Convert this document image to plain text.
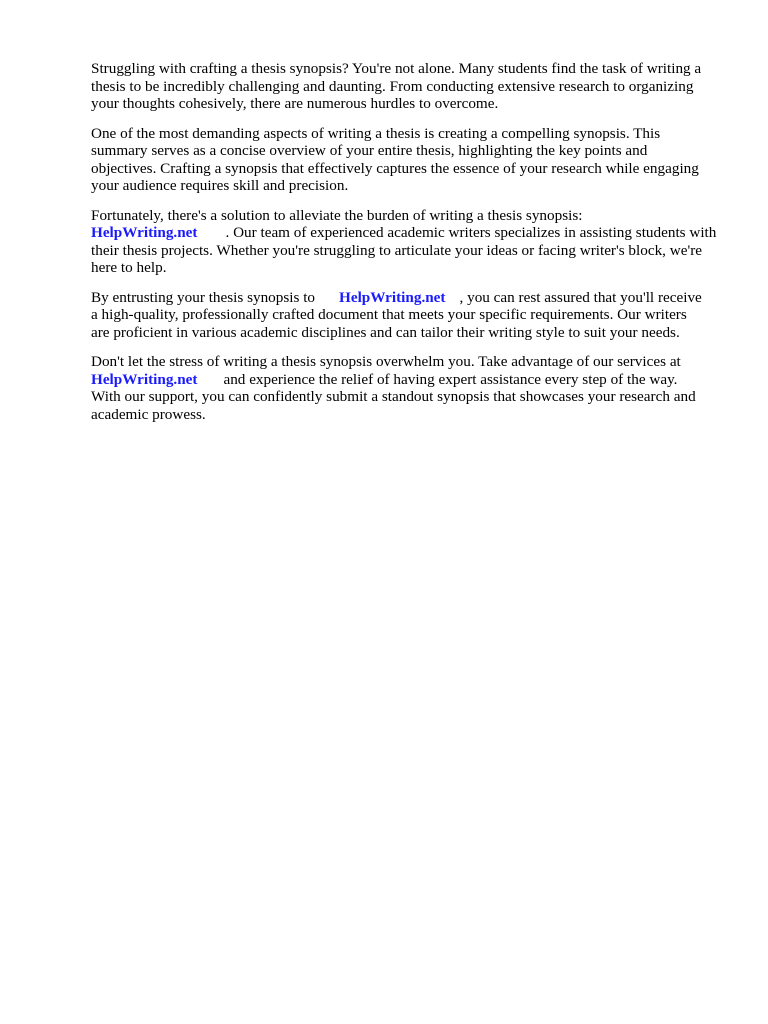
Struggling with crafting a thesis synopsis? You're not alone. Many students find the task of writing a
thesis to be incredibly challenging and daunting. From conducting extensive research to organizing
your thoughts cohesively, there are numerous hurdles to overcome.

One of the most demanding aspects of writing a thesis is creating a compelling synopsis. This
summary serves as a concise overview of your entire thesis, highlighting the key points and
objectives. Crafting a synopsis that effectively captures the essence of your research while engaging
your audience requires skill and precision.

Fortunately, there's a solution to alleviate the burden of writing a thesis synopsis:
HelpWriting.net . Our team of experienced academic writers specializes in assisting students with
their thesis projects. Whether you're struggling to articulate your ideas or facing writer's block, we're
here to help.

By entrusting your thesis synopsis to HelpWriting.net , you can rest assured that you'll receive
a high-quality, professionally crafted document that meets your specific requirements. Our writers
are proficient in various academic disciplines and can tailor their writing style to suit your needs.

Don't let the stress of writing a thesis synopsis overwhelm you. Take advantage of our services at
HelpWriting.net and experience the relief of having expert assistance every step of the way.
With our support, you can confidently submit a standout synopsis that showcases your research and
academic prowess.
